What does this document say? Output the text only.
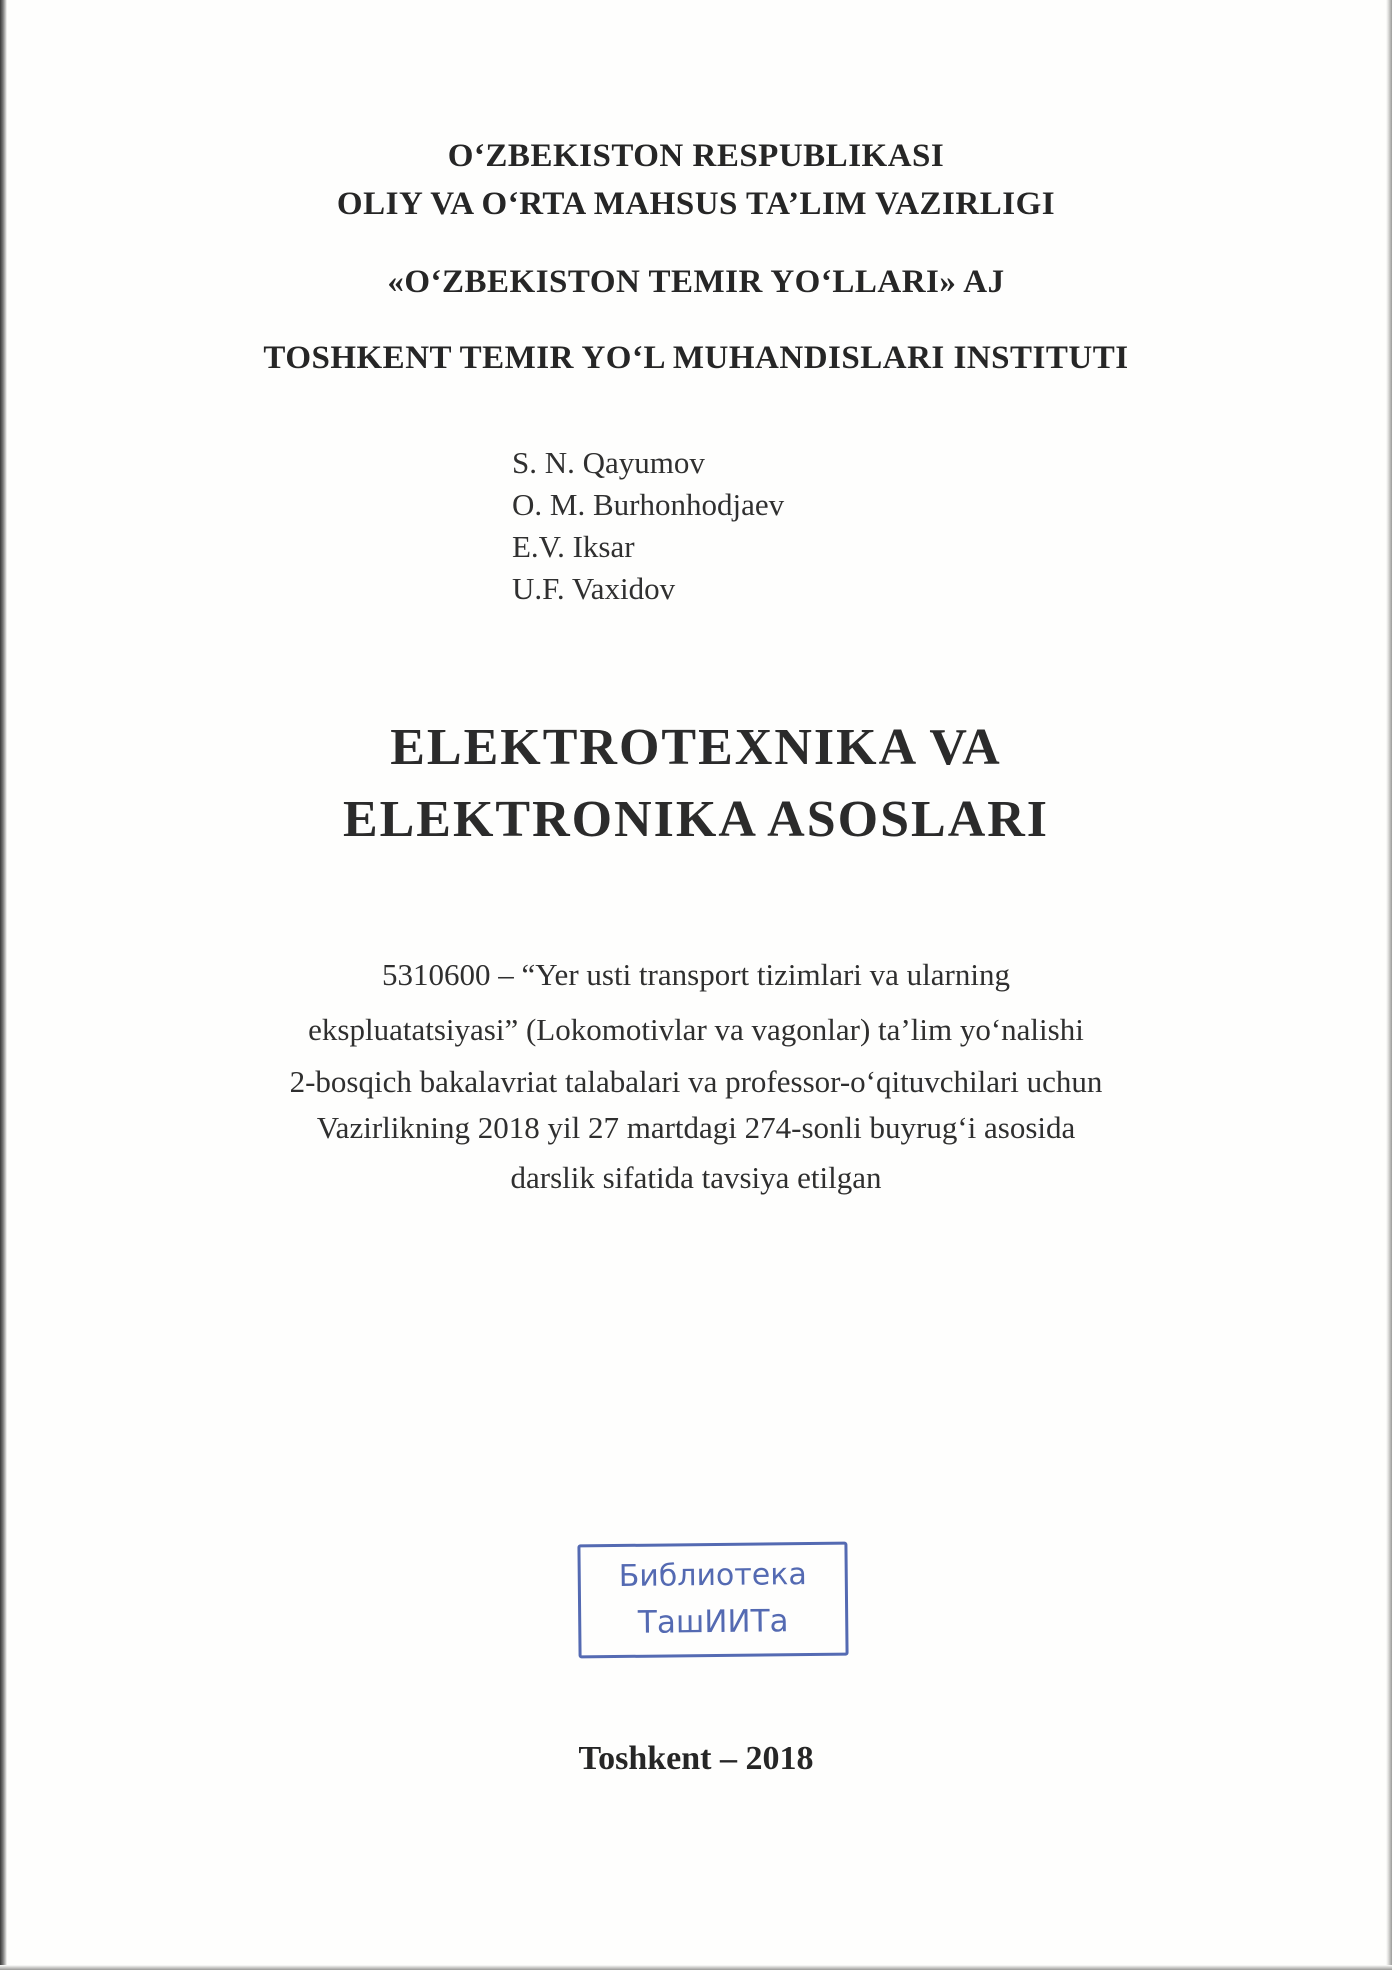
O‘ZBEKISTON RESPUBLIKASI
OLIY VA O‘RTA MAHSUS TA’LIM VAZIRLIGI
«O‘ZBEKISTON TEMIR YO‘LLARI» AJ
TOSHKENT TEMIR YO‘L MUHANDISLARI INSTITUTI
S. N. Qayumov
O. M. Burhonhodjaev
E.V. Iksar
U.F. Vaxidov
ELEKTROTEXNIKA VA
ELEKTRONIKA ASOSLARI
5310600 – “Yer usti transport tizimlari va ularning
ekspluatatsiyasi” (Lokomotivlar va vagonlar) ta’lim yo‘nalishi
2-bosqich bakalavriat talabalari va professor-o‘qituvchilari uchun
Vazirlikning 2018 yil 27 martdagi 274-sonli buyrug‘i asosida
darslik sifatida tavsiya etilgan
Библиотека
ТашИИТа
Toshkent – 2018
